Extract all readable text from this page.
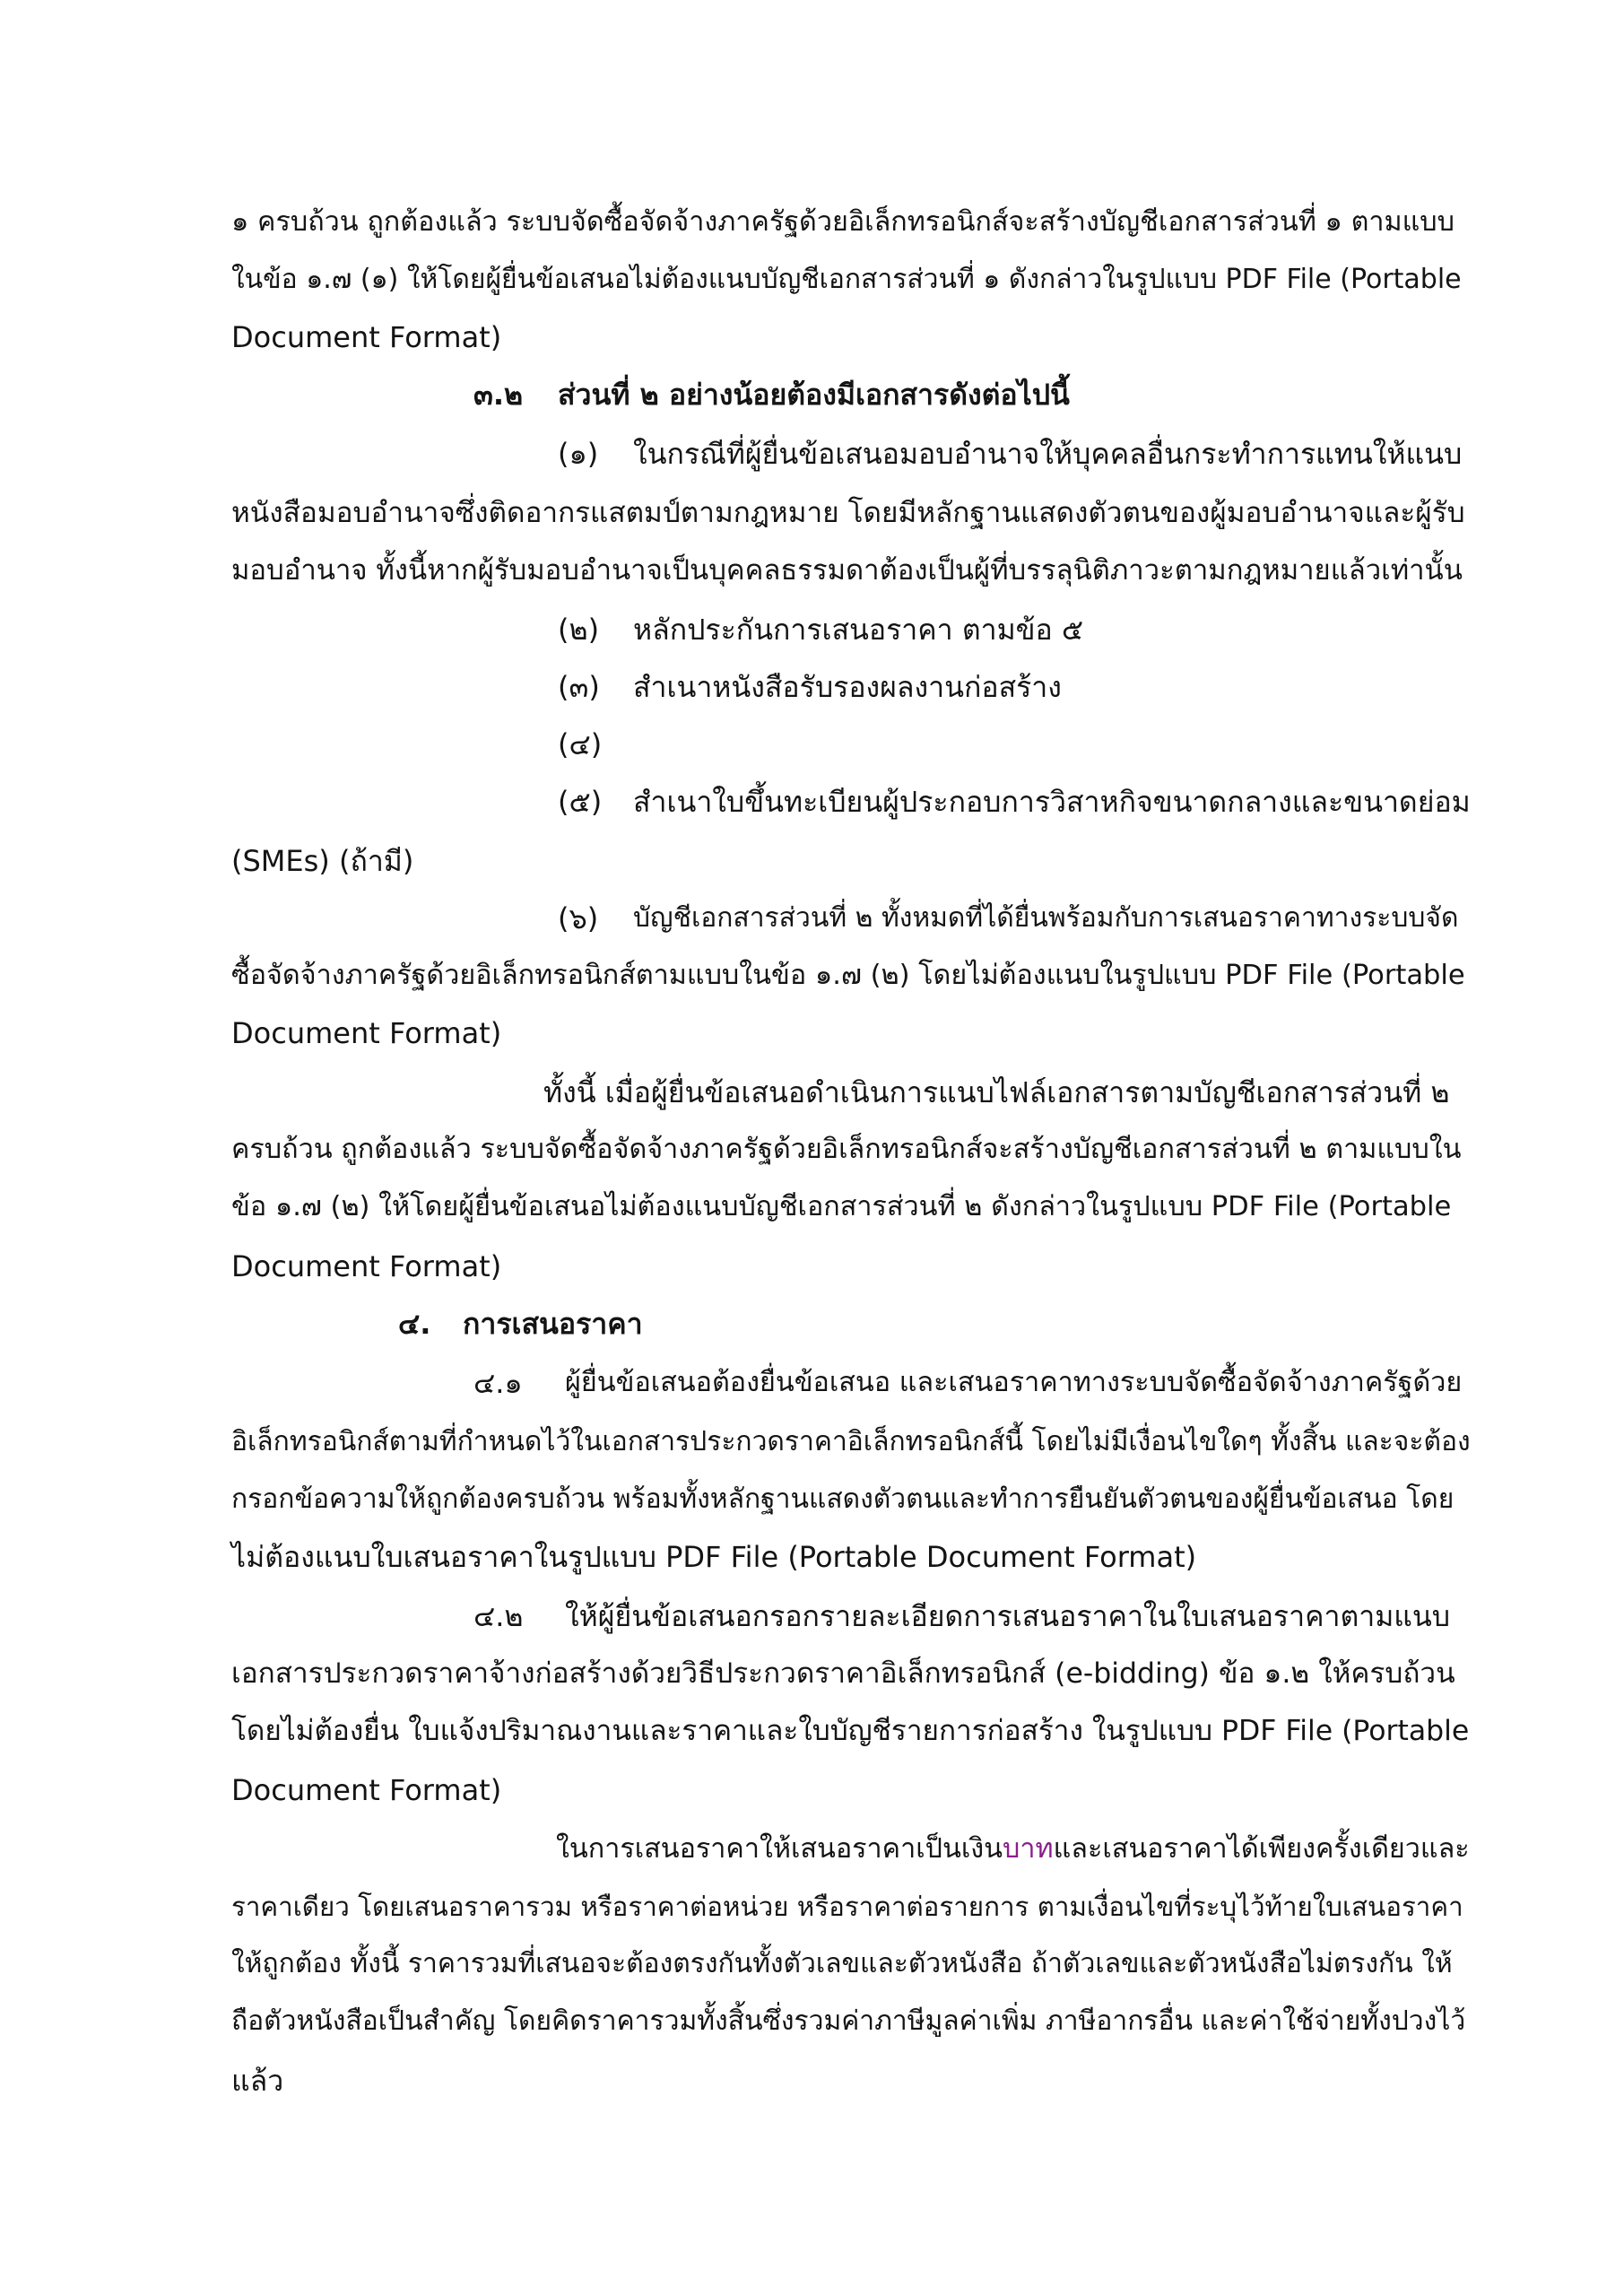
๑ ครบถ้วน ถูกต้องแล้ว ระบบจัดซื้อจัดจ้างภาครัฐด้วยอิเล็กทรอนิกส์จะสร้างบัญชีเอกสารส่วนที่ ๑ ตามแบบ
ในข้อ ๑.๗ (๑) ให้โดยผู้ยื่นข้อเสนอไม่ต้องแนบบัญชีเอกสารส่วนที่ ๑ ดังกล่าวในรูปแบบ PDF File (Portable
Document Format)
๓.๒ ส่วนที่ ๒ อย่างน้อยต้องมีเอกสารดังต่อไปนี้
(๑) ในกรณีที่ผู้ยื่นข้อเสนอมอบอำนาจให้บุคคลอื่นกระทำการแทนให้แนบ
หนังสือมอบอำนาจซึ่งติดอากรแสตมป์ตามกฎหมาย โดยมีหลักฐานแสดงตัวตนของผู้มอบอำนาจและผู้รับ
มอบอำนาจ ทั้งนี้หากผู้รับมอบอำนาจเป็นบุคคลธรรมดาต้องเป็นผู้ที่บรรลุนิติภาวะตามกฎหมายแล้วเท่านั้น
(๒) หลักประกันการเสนอราคา ตามข้อ ๕
(๓) สำเนาหนังสือรับรองผลงานก่อสร้าง
(๔)
(๕) สำเนาใบขึ้นทะเบียนผู้ประกอบการวิสาหกิจขนาดกลางและขนาดย่อม
(SMEs) (ถ้ามี)
(๖) บัญชีเอกสารส่วนที่ ๒ ทั้งหมดที่ได้ยื่นพร้อมกับการเสนอราคาทางระบบจัด
ซื้อจัดจ้างภาครัฐด้วยอิเล็กทรอนิกส์ตามแบบในข้อ ๑.๗ (๒) โดยไม่ต้องแนบในรูปแบบ PDF File (Portable
Document Format)
ทั้งนี้ เมื่อผู้ยื่นข้อเสนอดำเนินการแนบไฟล์เอกสารตามบัญชีเอกสารส่วนที่ ๒
ครบถ้วน ถูกต้องแล้ว ระบบจัดซื้อจัดจ้างภาครัฐด้วยอิเล็กทรอนิกส์จะสร้างบัญชีเอกสารส่วนที่ ๒ ตามแบบใน
ข้อ ๑.๗ (๒) ให้โดยผู้ยื่นข้อเสนอไม่ต้องแนบบัญชีเอกสารส่วนที่ ๒ ดังกล่าวในรูปแบบ PDF File (Portable
Document Format)
๔. การเสนอราคา
๔.๑ ผู้ยื่นข้อเสนอต้องยื่นข้อเสนอ และเสนอราคาทางระบบจัดซื้อจัดจ้างภาครัฐด้วย
อิเล็กทรอนิกส์ตามที่กำหนดไว้ในเอกสารประกวดราคาอิเล็กทรอนิกส์นี้ โดยไม่มีเงื่อนไขใดๆ ทั้งสิ้น และจะต้อง
กรอกข้อความให้ถูกต้องครบถ้วน พร้อมทั้งหลักฐานแสดงตัวตนและทำการยืนยันตัวตนของผู้ยื่นข้อเสนอ โดย
ไม่ต้องแนบใบเสนอราคาในรูปแบบ PDF File (Portable Document Format)
๔.๒ ให้ผู้ยื่นข้อเสนอกรอกรายละเอียดการเสนอราคาในใบเสนอราคาตามแนบ
เอกสารประกวดราคาจ้างก่อสร้างด้วยวิธีประกวดราคาอิเล็กทรอนิกส์ (e-bidding) ข้อ ๑.๒ ให้ครบถ้วน
โดยไม่ต้องยื่น ใบแจ้งปริมาณงานและราคาและใบบัญชีรายการก่อสร้าง ในรูปแบบ PDF File (Portable
Document Format)
ในการเสนอราคาให้เสนอราคาเป็นเงินบาทและเสนอราคาได้เพียงครั้งเดียวและ
ราคาเดียว โดยเสนอราคารวม หรือราคาต่อหน่วย หรือราคาต่อรายการ ตามเงื่อนไขที่ระบุไว้ท้ายใบเสนอราคา
ให้ถูกต้อง ทั้งนี้ ราคารวมที่เสนอจะต้องตรงกันทั้งตัวเลขและตัวหนังสือ ถ้าตัวเลขและตัวหนังสือไม่ตรงกัน ให้
ถือตัวหนังสือเป็นสำคัญ โดยคิดราคารวมทั้งสิ้นซึ่งรวมค่าภาษีมูลค่าเพิ่ม ภาษีอากรอื่น และค่าใช้จ่ายทั้งปวงไว้
แล้ว
